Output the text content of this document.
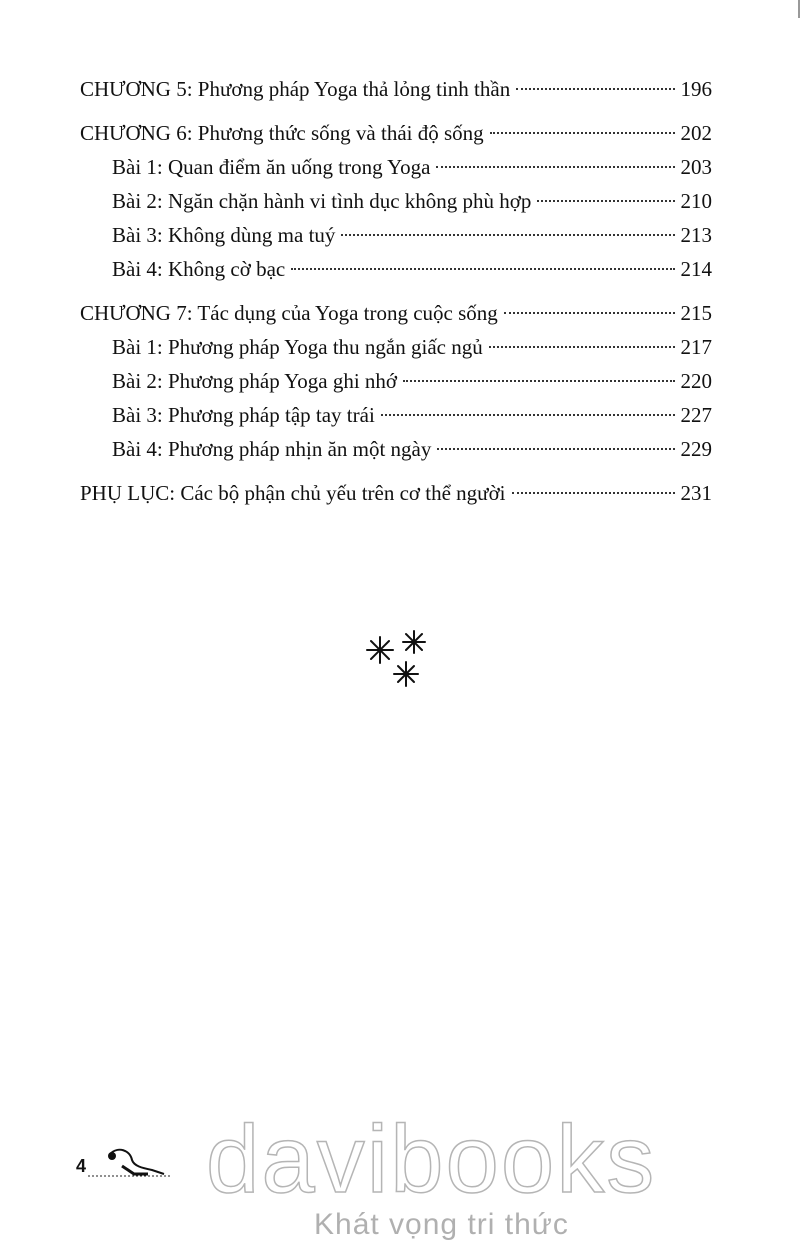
CHƯƠNG 5: Phương pháp Yoga thả lỏng tinh thần	196
CHƯƠNG 6: Phương thức sống và thái độ sống	202
Bài 1: Quan điểm ăn uống trong Yoga	203
Bài 2: Ngăn chặn hành vi tình dục không phù hợp	210
Bài 3: Không dùng ma tuý	213
Bài 4: Không cờ bạc	214
CHƯƠNG 7: Tác dụng của Yoga trong cuộc sống	215
Bài 1: Phương pháp Yoga thu ngắn giấc ngủ	217
Bài 2: Phương pháp Yoga ghi nhớ	220
Bài 3: Phương pháp tập tay trái	227
Bài 4: Phương pháp nhịn ăn một ngày	229
PHỤ LỤC: Các bộ phận chủ yếu trên cơ thể người	231
4 davibooks
Khát vọng tri thức
